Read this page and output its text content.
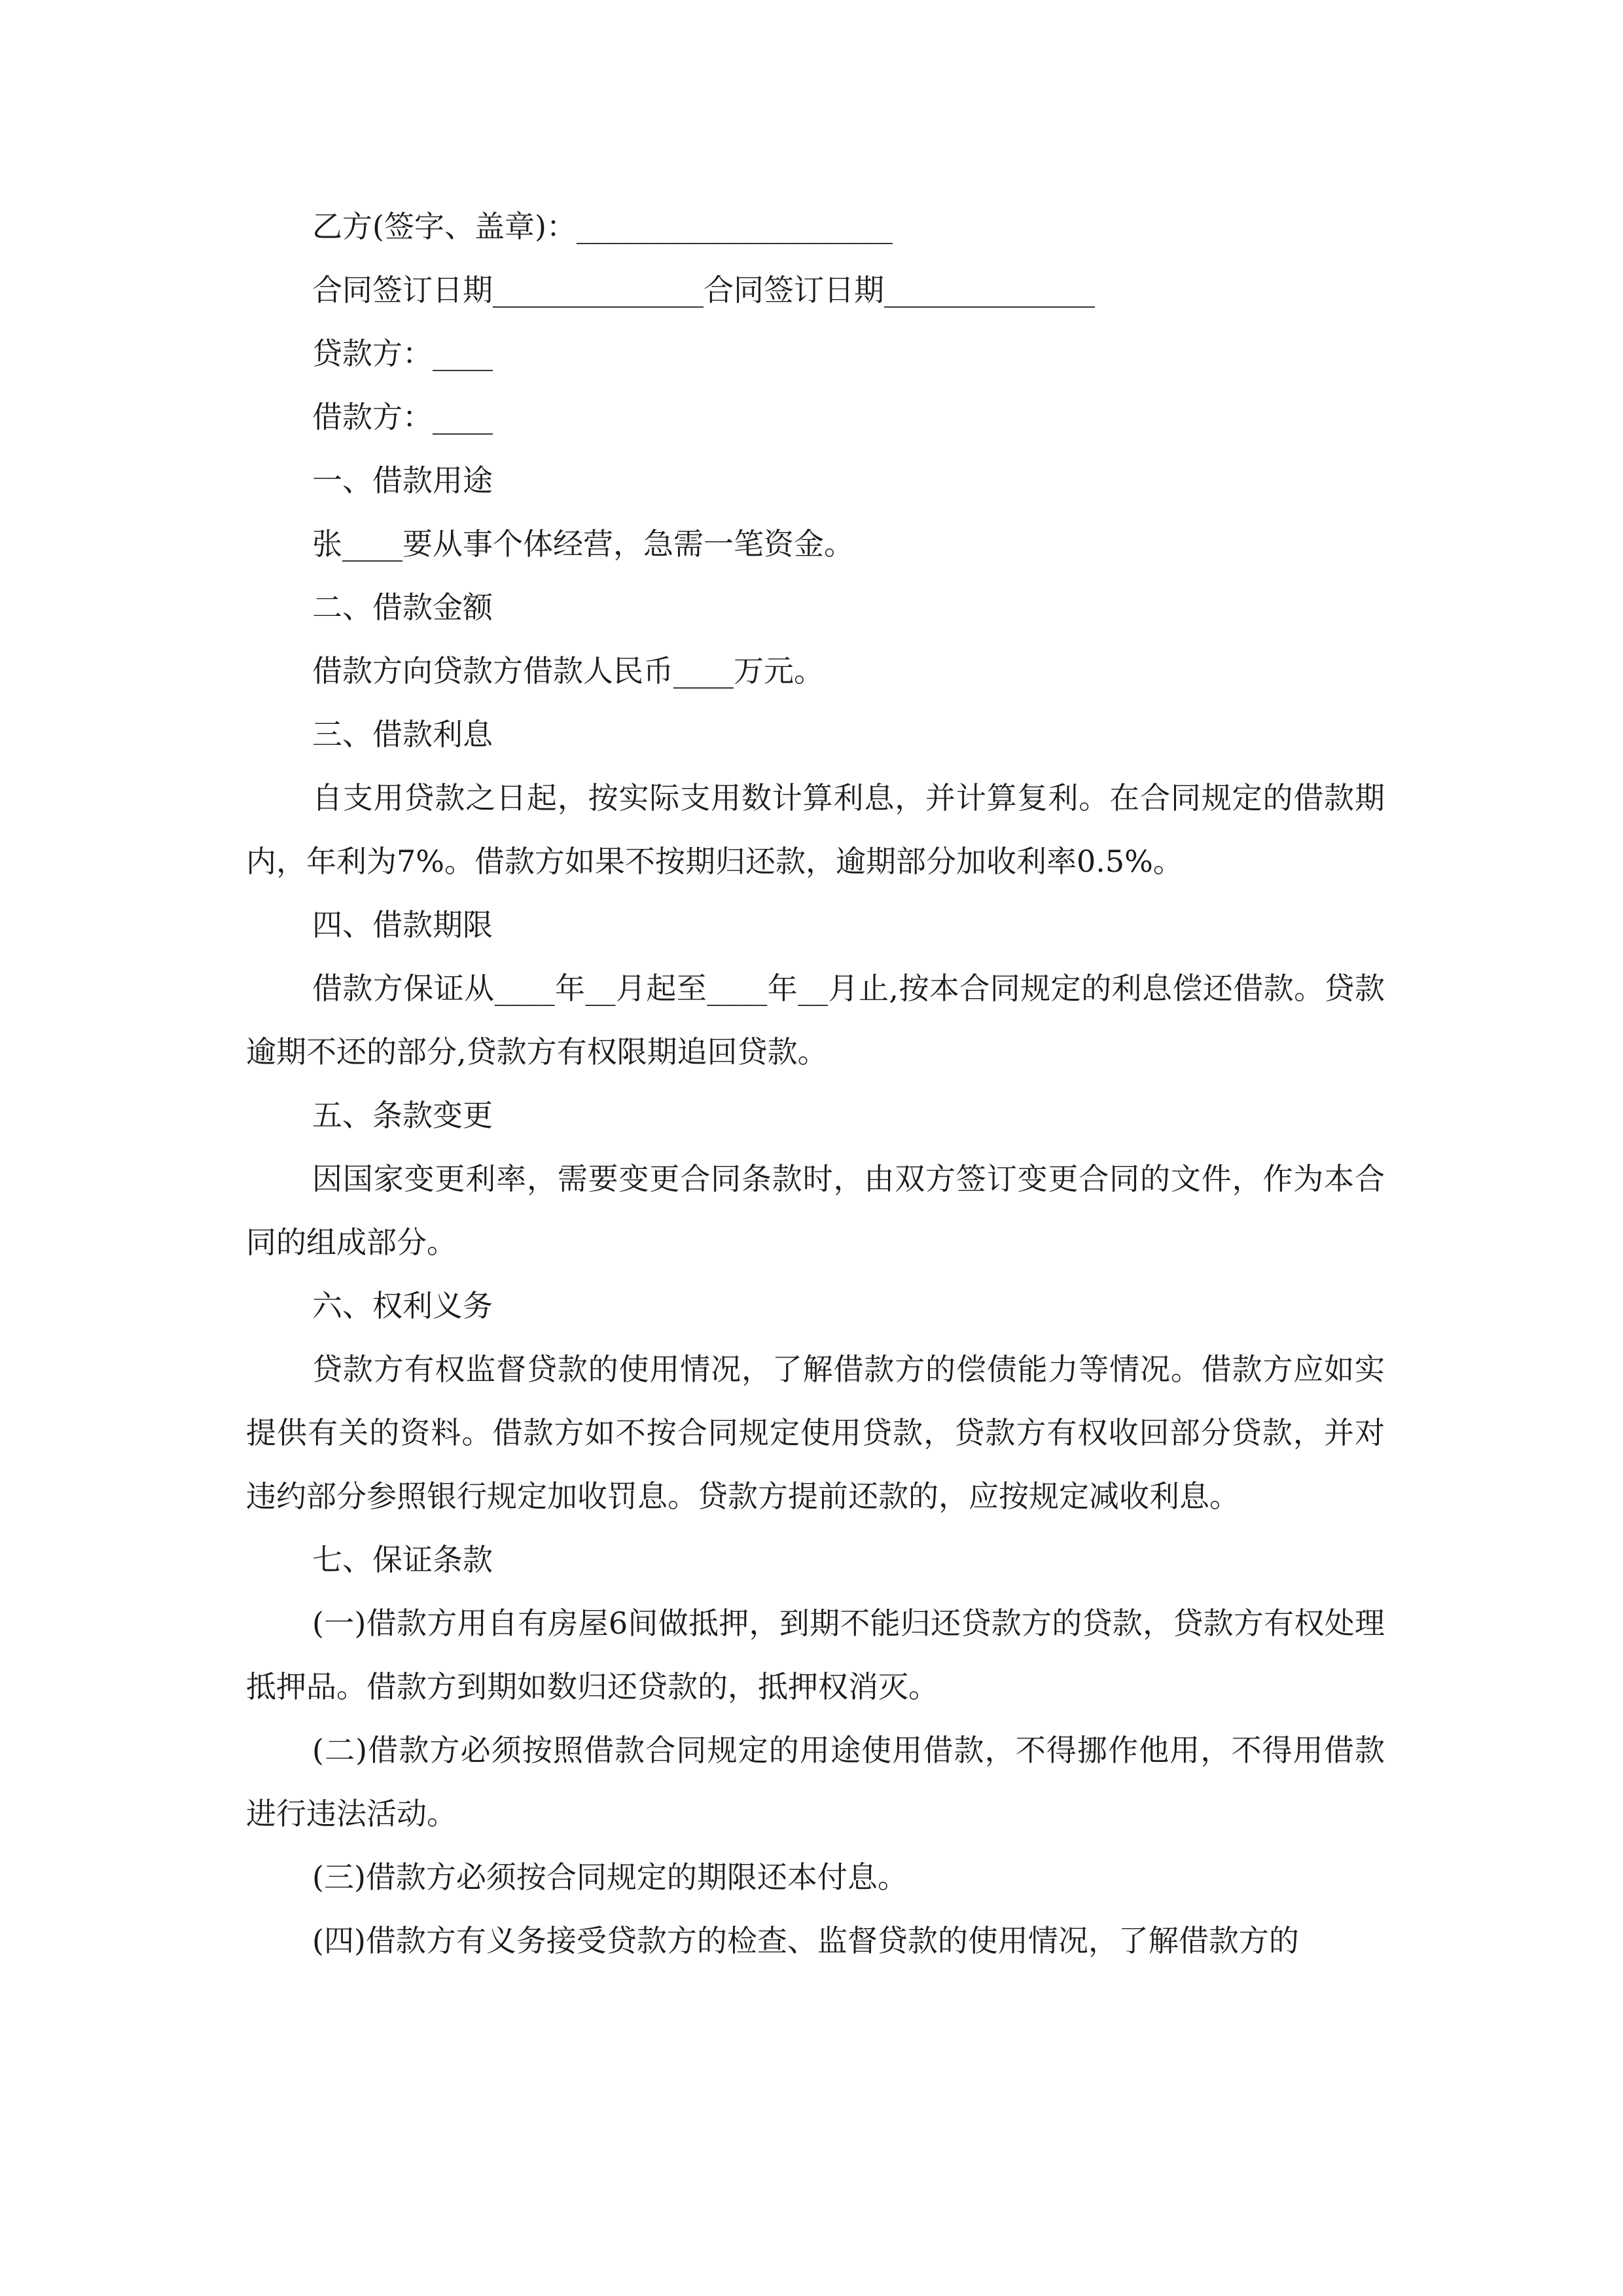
乙方(签字、盖章)：_____________________

合同签订日期______________合同签订日期______________

贷款方：____

借款方：____

一、借款用途

张____要从事个体经营，急需一笔资金。

二、借款金额

借款方向贷款方借款人民币____万元。

三、借款利息

自支用贷款之日起，按实际支用数计算利息，并计算复利。在合同规定的借款期内，年利为7%。借款方如果不按期归还款，逾期部分加收利率0.5%。

四、借款期限

借款方保证从____年__月起至____年__月止,按本合同规定的利息偿还借款。贷款逾期不还的部分,贷款方有权限期追回贷款。

五、条款变更

因国家变更利率，需要变更合同条款时，由双方签订变更合同的文件，作为本合同的组成部分。

六、权利义务

贷款方有权监督贷款的使用情况，了解借款方的偿债能力等情况。借款方应如实提供有关的资料。借款方如不按合同规定使用贷款，贷款方有权收回部分贷款，并对违约部分参照银行规定加收罚息。贷款方提前还款的，应按规定减收利息。

七、保证条款

(一)借款方用自有房屋6间做抵押，到期不能归还贷款方的贷款，贷款方有权处理抵押品。借款方到期如数归还贷款的，抵押权消灭。

(二)借款方必须按照借款合同规定的用途使用借款，不得挪作他用，不得用借款进行违法活动。

(三)借款方必须按合同规定的期限还本付息。

(四)借款方有义务接受贷款方的检查、监督贷款的使用情况，了解借款方的
